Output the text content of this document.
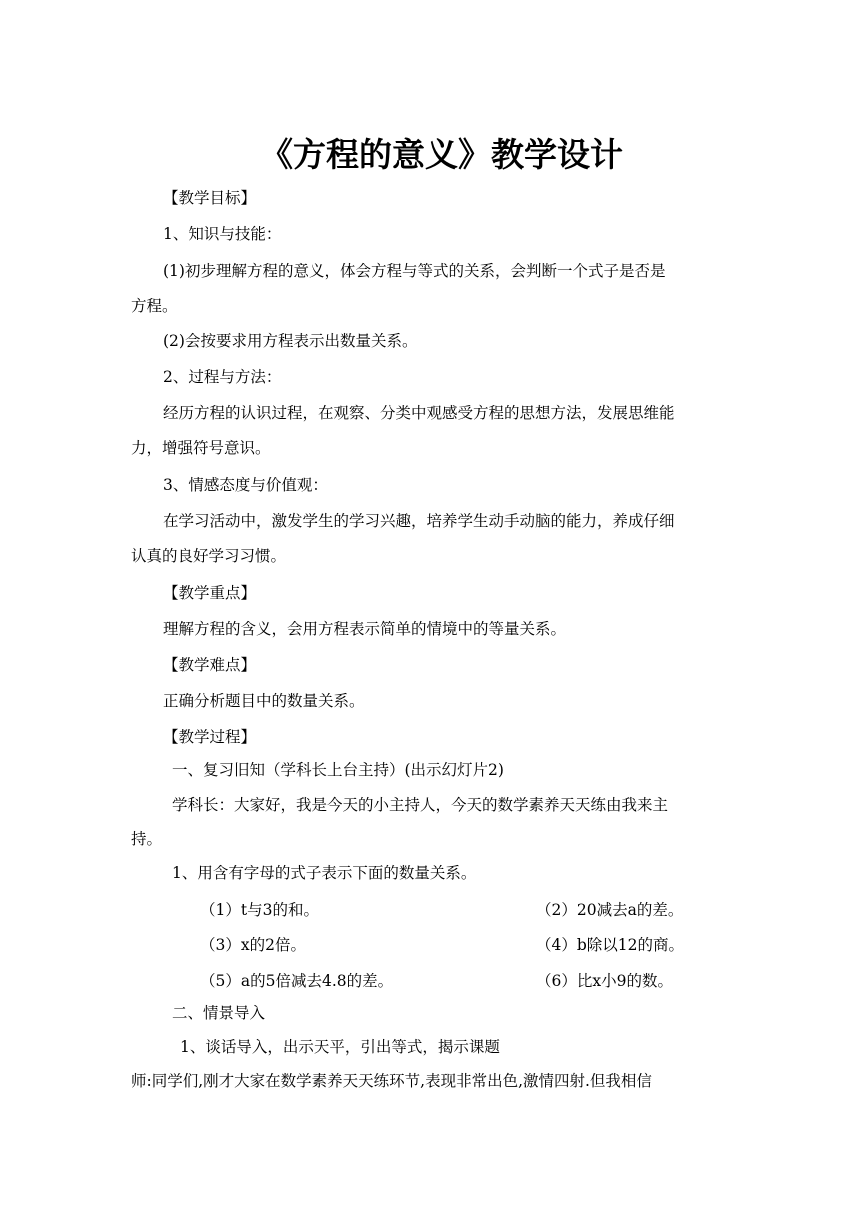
《方程的意义》教学设计
【教学目标】
1、知识与技能：
(1)初步理解方程的意义，体会方程与等式的关系，会判断一个式子是否是
方程。
(2)会按要求用方程表示出数量关系。
2、过程与方法：
经历方程的认识过程，在观察、分类中观感受方程的思想方法，发展思维能
力，增强符号意识。
3、情感态度与价值观：
在学习活动中，激发学生的学习兴趣，培养学生动手动脑的能力，养成仔细
认真的良好学习习惯。
【教学重点】
理解方程的含义，会用方程表示简单的情境中的等量关系。
【教学难点】
正确分析题目中的数量关系。
【教学过程】
一、复习旧知（学科长上台主持）(出示幻灯片2)
学科长：大家好，我是今天的小主持人，今天的数学素养天天练由我来主
持。
1、用含有字母的式子表示下面的数量关系。
（1）t与3的和。	（2）20减去a的差。
（3）x的2倍。	（4）b除以12的商。
（5）a的5倍减去4.8的差。	（6）比x小9的数。
二、情景导入
1、谈话导入，出示天平，引出等式，揭示课题
师:同学们,刚才大家在数学素养天天练环节,表现非常出色,激情四射.但我相信
